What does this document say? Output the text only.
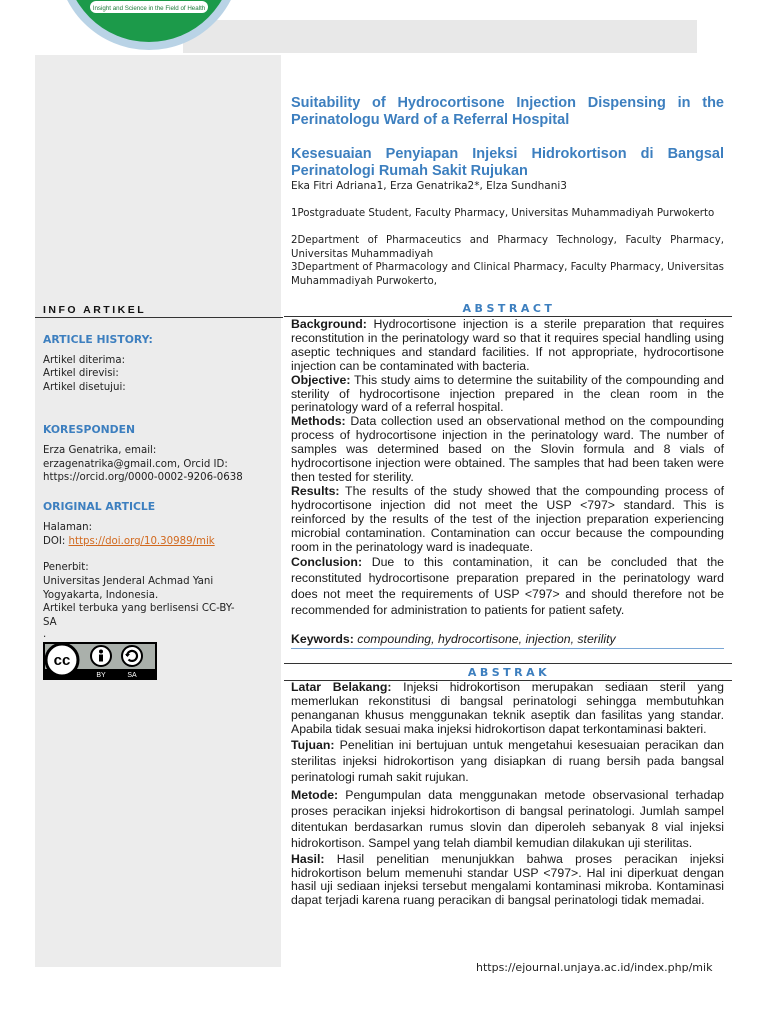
Insight and Science in the Field of Health
Suitability of Hydrocortisone Injection Dispensing in the Perinatologu Ward of a Referral Hospital
Kesesuaian Penyiapan Injeksi Hidrokortison di Bangsal Perinatologi Rumah Sakit Rujukan
Eka Fitri Adriana1, Erza Genatrika2*, Elza Sundhani3
1Postgraduate Student, Faculty Pharmacy, Universitas Muhammadiyah Purwokerto
2Department of Pharmaceutics and Pharmacy Technology, Faculty Pharmacy, Universitas Muhammadiyah
3Department of Pharmacology and Clinical Pharmacy, Faculty Pharmacy, Universitas Muhammadiyah Purwokerto,
INFO ARTIKEL
ARTICLE HISTORY:
Artikel diterima:
Artikel direvisi:
Artikel disetujui:
KORESPONDEN
Erza Genatrika, email:
erzagenatrika@gmail.com, Orcid ID:
https://orcid.org/0000-0002-9206-0638
ORIGINAL ARTICLE
Halaman:
DOI: https://doi.org/10.30989/mik
Penerbit:
Universitas Jenderal Achmad Yani
Yogyakarta, Indonesia.
Artikel terbuka yang berlisensi CC-BY-
SA
.
cc
BY	SA
ABSTRACT
Background: Hydrocortisone injection is a sterile preparation that requires reconstitution in the perinatology ward so that it requires special handling using aseptic techniques and standard facilities. If not appropriate, hydrocortisone injection can be contaminated with bacteria.
Objective: This study aims to determine the suitability of the compounding and sterility of hydrocortisone injection prepared in the clean room in the perinatology ward of a referral hospital.
Methods: Data collection used an observational method on the compounding process of hydrocortisone injection in the perinatology ward. The number of samples was determined based on the Slovin formula and 8 vials of hydrocortisone injection were obtained. The samples that had been taken were then tested for sterility.
Results: The results of the study showed that the compounding process of hydrocortisone injection did not meet the USP <797> standard. This is reinforced by the results of the test of the injection preparation experiencing microbial contamination. Contamination can occur because the compounding room in the perinatology ward is inadequate.
Conclusion: Due to this contamination, it can be concluded that the reconstituted hydrocortisone preparation prepared in the perinatology ward does not meet the requirements of USP <797> and should therefore not be recommended for administration to patients for patient safety.
Keywords: compounding, hydrocortisone, injection, sterility
ABSTRAK
Latar Belakang: Injeksi hidrokortison merupakan sediaan steril yang memerlukan rekonstitusi di bangsal perinatologi sehingga membutuhkan penanganan khusus menggunakan teknik aseptik dan fasilitas yang standar. Apabila tidak sesuai maka injeksi hidrokortison dapat terkontaminasi bakteri.
Tujuan: Penelitian ini bertujuan untuk mengetahui kesesuaian peracikan dan sterilitas injeksi hidrokortison yang disiapkan di ruang bersih pada bangsal perinatologi rumah sakit rujukan.
Metode: Pengumpulan data menggunakan metode observasional terhadap proses peracikan injeksi hidrokortison di bangsal perinatologi. Jumlah sampel ditentukan berdasarkan rumus slovin dan diperoleh sebanyak 8 vial injeksi hidrokortison. Sampel yang telah diambil kemudian dilakukan uji sterilitas.
Hasil: Hasil penelitian menunjukkan bahwa proses peracikan injeksi hidrokortison belum memenuhi standar USP <797>. Hal ini diperkuat dengan hasil uji sediaan injeksi tersebut mengalami kontaminasi mikroba. Kontaminasi dapat terjadi karena ruang peracikan di bangsal perinatologi tidak memadai.
https://ejournal.unjaya.ac.id/index.php/mik
